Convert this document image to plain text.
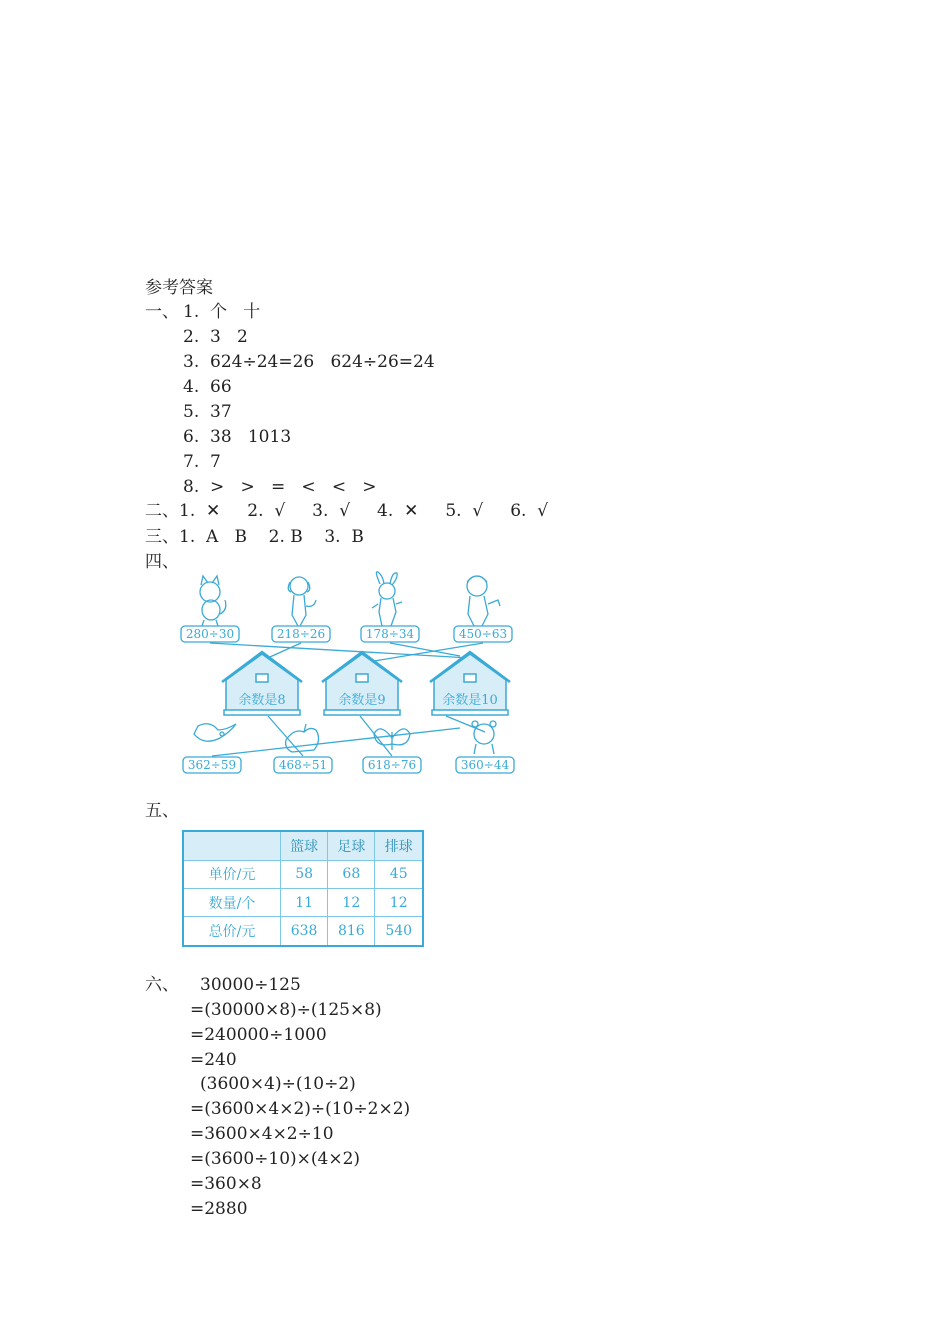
参考答案
一、 1.  个   十
2.  3   2
3.  624÷24=26   624÷26=24
4.  66
5.  37
6.  38   1013
7.  7
8.  >   >   =   <   <   >
二、1.  ✕     2.  √     3.  √     4.  ✕     5.  √     6.  √
三、1.  A   B    2. B    3.  B
四、
280÷30	218÷26	178÷34	450÷63
余数是8	余数是9	余数是10
362÷59	468÷51	618÷76	360÷44
五、
	篮球	足球	排球
单价/元	58	68	45
数量/个	11	12	12
总价/元	638	816	540
六、 30000÷125
=(30000×8)÷(125×8)
=240000÷1000
=240
(3600×4)÷(10÷2)
=(3600×4×2)÷(10÷2×2)
=3600×4×2÷10
=(3600÷10)×(4×2)
=360×8
=2880
